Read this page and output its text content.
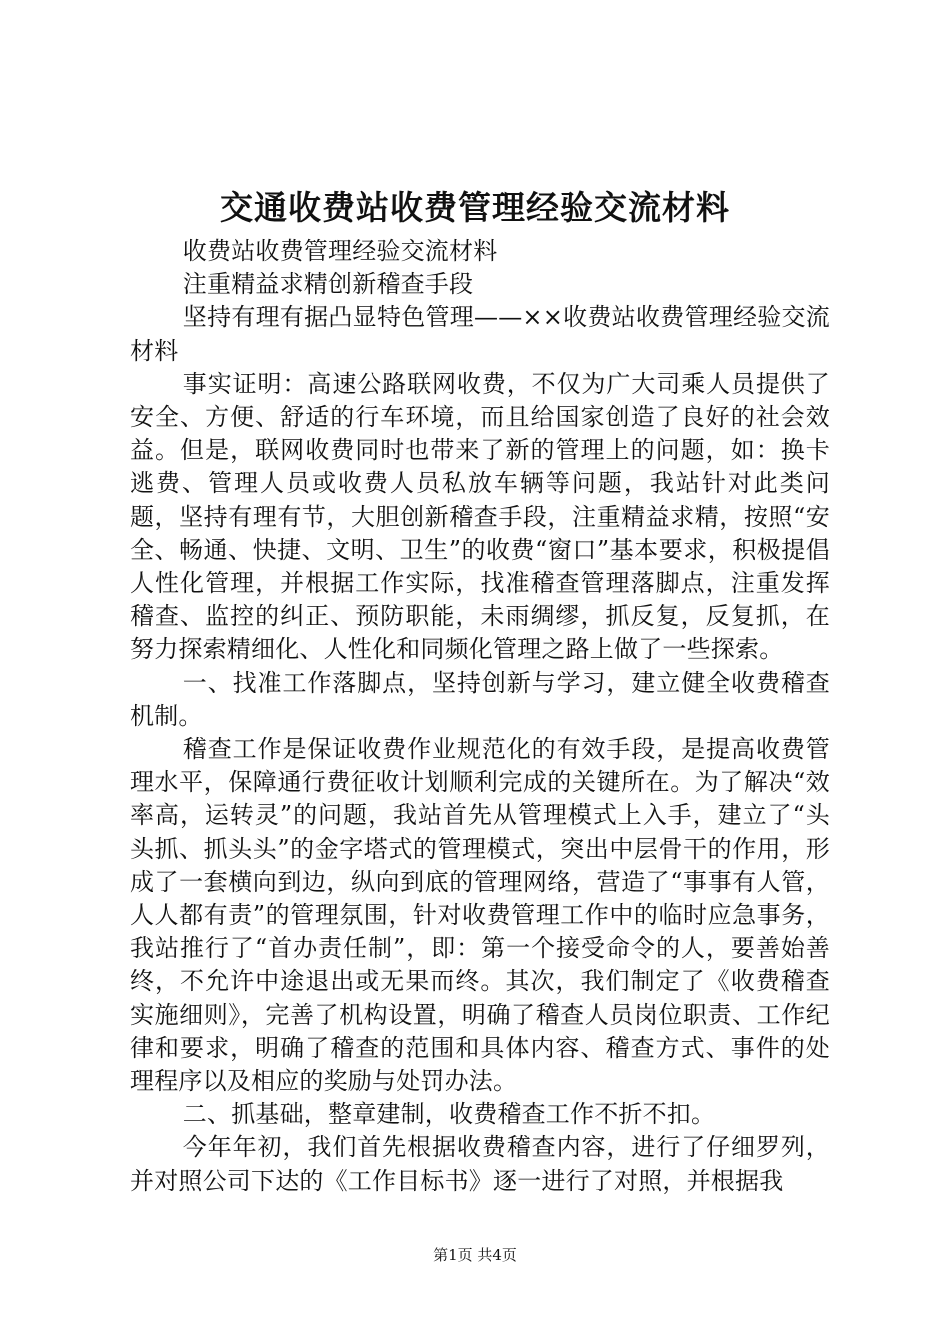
交通收费站收费管理经验交流材料

收费站收费管理经验交流材料

注重精益求精创新稽查手段

坚持有理有据凸显特色管理——××收费站收费管理经验交流材料

事实证明：高速公路联网收费，不仅为广大司乘人员提供了安全、方便、舒适的行车环境，而且给国家创造了良好的社会效益。但是，联网收费同时也带来了新的管理上的问题，如：换卡逃费、管理人员或收费人员私放车辆等问题，我站针对此类问题，坚持有理有节，大胆创新稽查手段，注重精益求精，按照“安全、畅通、快捷、文明、卫生”的收费“窗口”基本要求，积极提倡人性化管理，并根据工作实际，找准稽查管理落脚点，注重发挥稽查、监控的纠正、预防职能，未雨绸缪，抓反复，反复抓，在努力探索精细化、人性化和同频化管理之路上做了一些探索。

一、找准工作落脚点，坚持创新与学习，建立健全收费稽查机制。

稽查工作是保证收费作业规范化的有效手段，是提高收费管理水平，保障通行费征收计划顺利完成的关键所在。为了解决“效率高，运转灵”的问题，我站首先从管理模式上入手，建立了“头头抓、抓头头”的金字塔式的管理模式，突出中层骨干的作用，形成了一套横向到边，纵向到底的管理网络，营造了“事事有人管，人人都有责”的管理氛围，针对收费管理工作中的临时应急事务，我站推行了“首办责任制”，即：第一个接受命令的人，要善始善终，不允许中途退出或无果而终。其次，我们制定了《收费稽查实施细则》，完善了机构设置，明确了稽查人员岗位职责、工作纪律和要求，明确了稽查的范围和具体内容、稽查方式、事件的处理程序以及相应的奖励与处罚办法。

二、抓基础，整章建制，收费稽查工作不折不扣。

今年年初，我们首先根据收费稽查内容，进行了仔细罗列，并对照公司下达的《工作目标书》逐一进行了对照，并根据我

第1页 共4页
